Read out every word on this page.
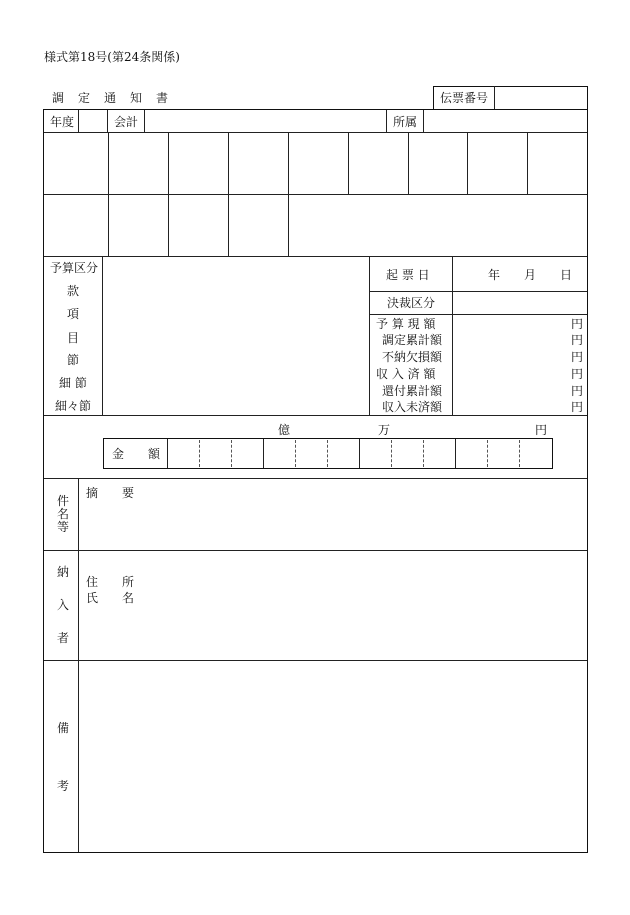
様式第18号(第24条関係)
調　定　通　知　書	伝票番号
年度	会計	所属
予算区分
款
項
目
節
細 節
細々節
起 票 日	年 月 日
決裁区分
予 算 現 額	円
調定累計額	円
不納欠損額	円
収 入 済 額	円
還付累計額	円
収入未済額	円
億	万	円
金　　額
件
名
等
摘　　要
納
入
者
住　　所
氏　　名
備
考
